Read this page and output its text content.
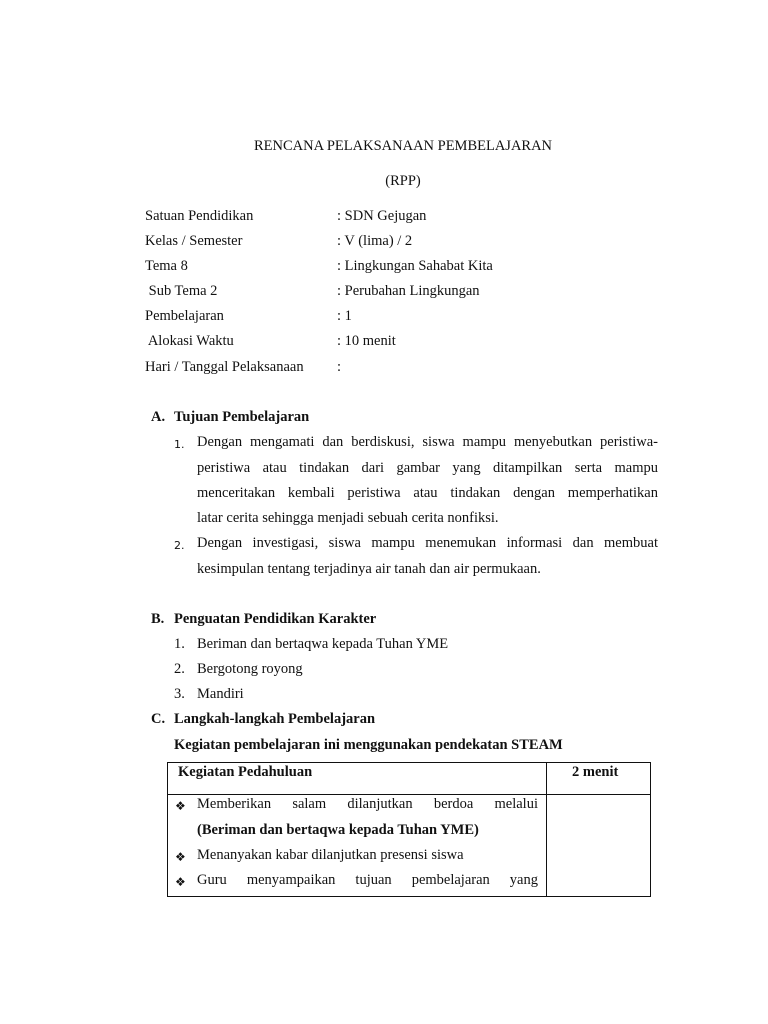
RENCANA PELAKSANAAN PEMBELAJARAN
(RPP)
Satuan Pendidikan	: SDN Gejugan
Kelas / Semester	: V (lima) / 2
Tema 8	: Lingkungan Sahabat Kita
Sub Tema 2	: Perubahan Lingkungan
Pembelajaran	: 1
Alokasi Waktu	: 10 menit
Hari / Tanggal Pelaksanaan :
A. Tujuan Pembelajaran
1. Dengan mengamati dan berdiskusi, siswa mampu menyebutkan peristiwa-
peristiwa atau tindakan dari gambar yang ditampilkan serta mampu
menceritakan kembali peristiwa atau tindakan dengan memperhatikan
latar cerita sehingga menjadi sebuah cerita nonfiksi.
2. Dengan investigasi, siswa mampu menemukan informasi dan membuat
kesimpulan tentang terjadinya air tanah dan air permukaan.
B. Penguatan Pendidikan Karakter
1. Beriman dan bertaqwa kepada Tuhan YME
2. Bergotong royong
3. Mandiri
C. Langkah-langkah Pembelajaran
Kegiatan pembelajaran ini menggunakan pendekatan STEAM
Kegiatan Pedahuluan	2 menit
❖ Memberikan salam dilanjutkan berdoa melalui
(Beriman dan bertaqwa kepada Tuhan YME)
❖ Menanyakan kabar dilanjutkan presensi siswa
❖ Guru menyampaikan tujuan pembelajaran yang
